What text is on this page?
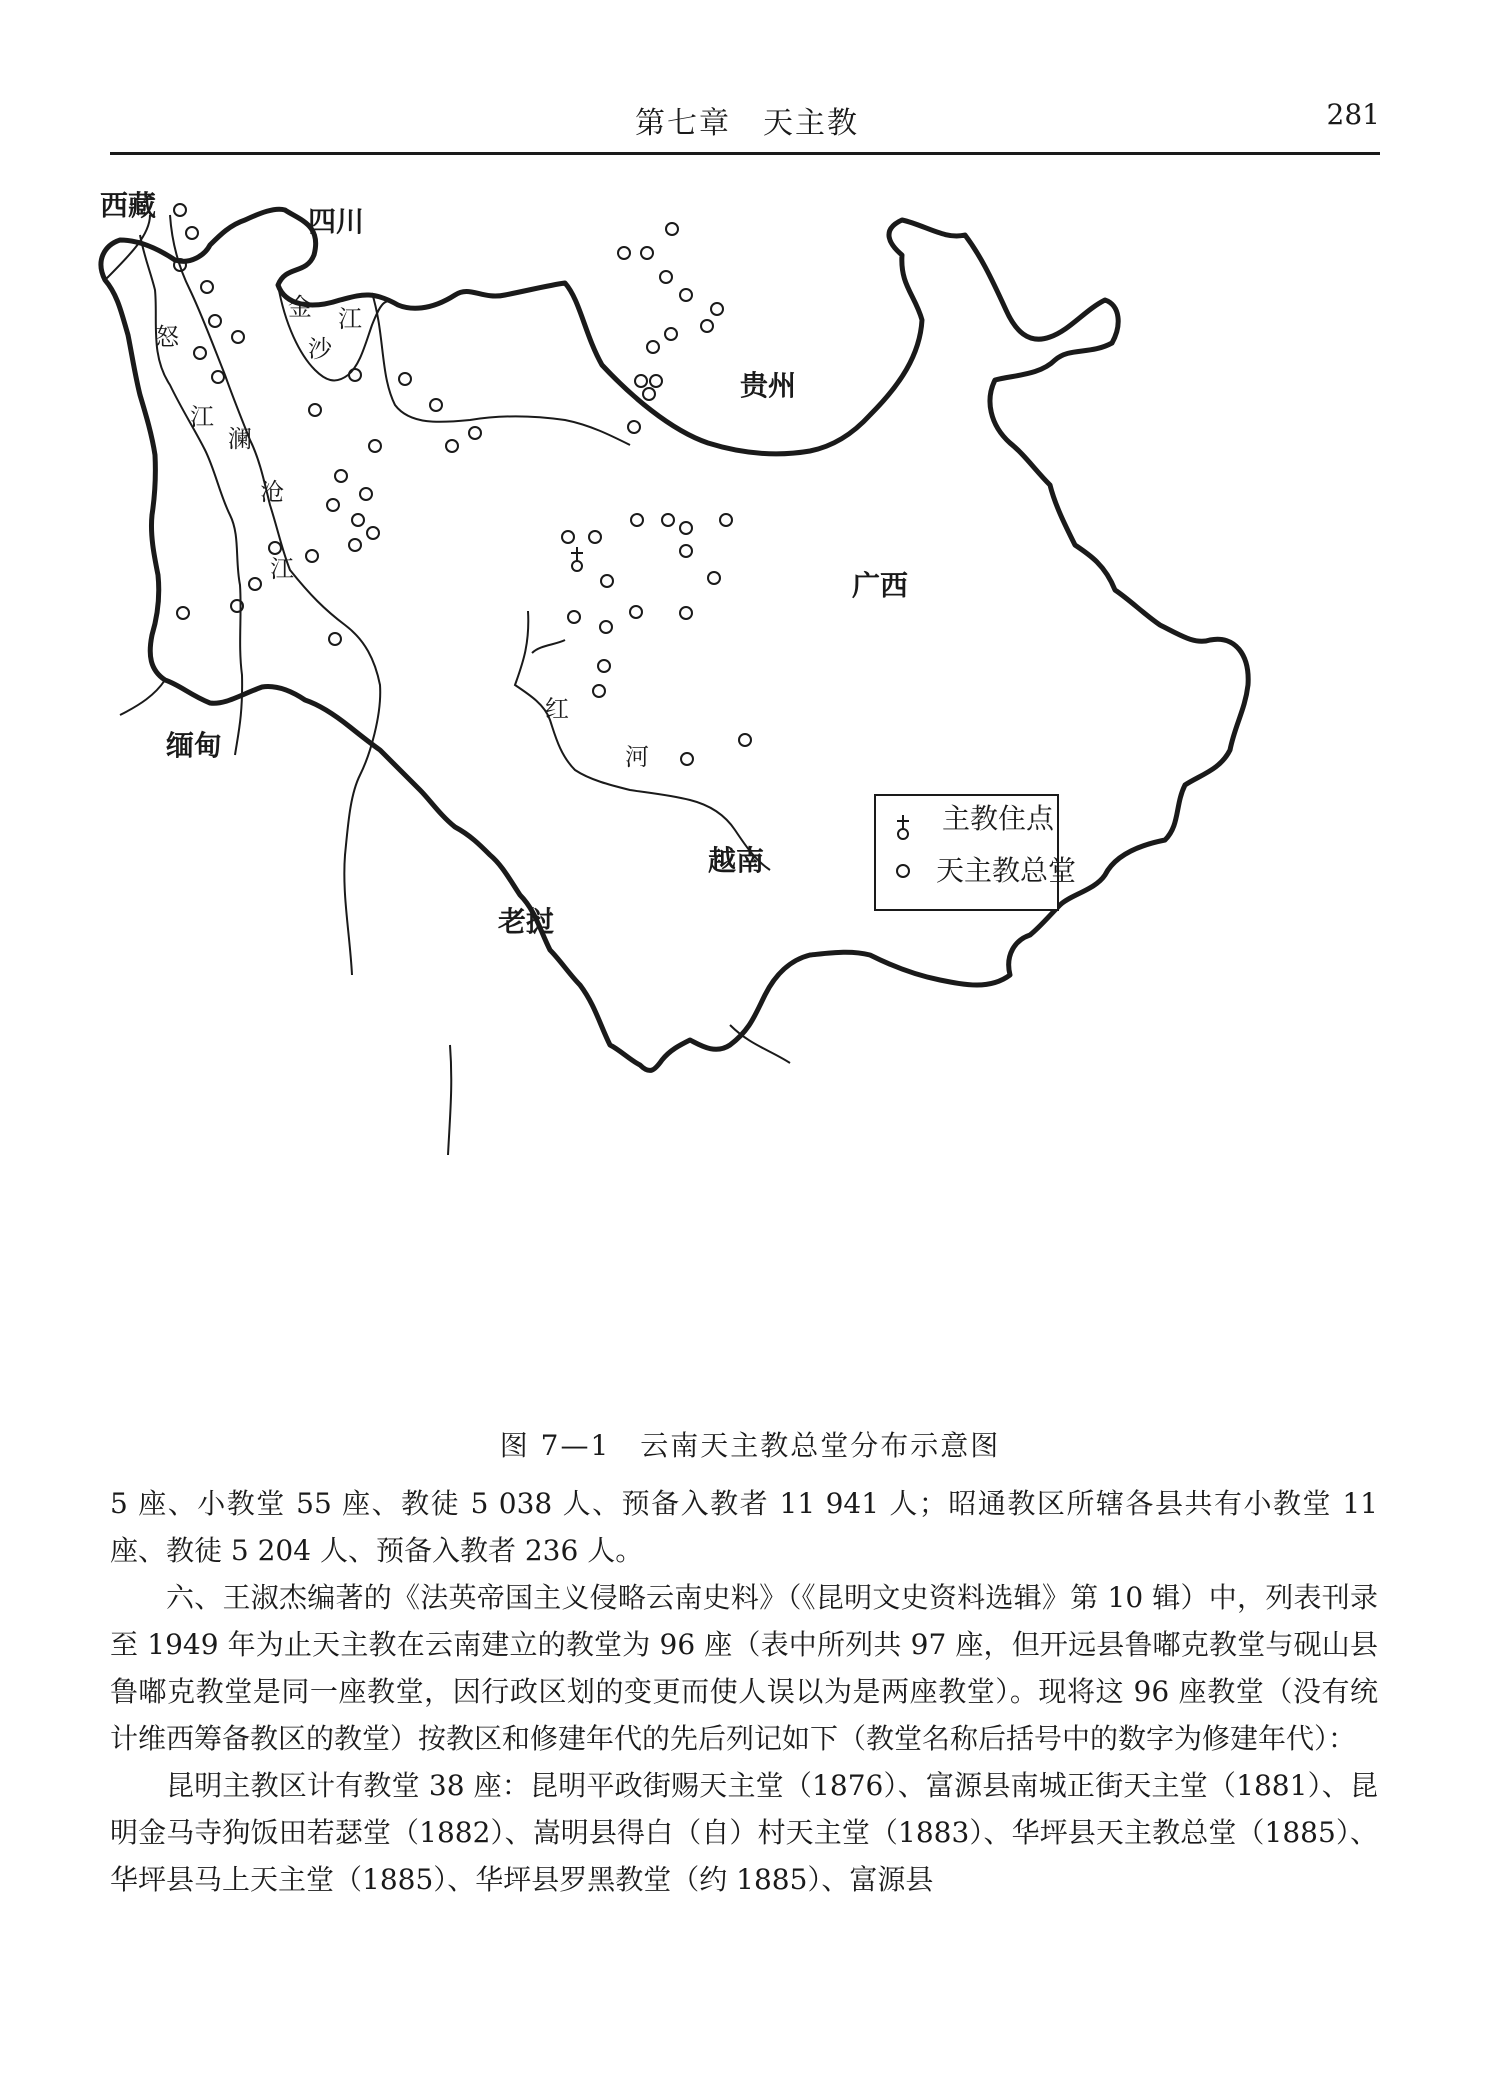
第七章　天主教	281
西藏	四川
贵州
广西
缅甸
越南
老挝
金 江
沙
怒
江
澜
沧
江
红
河
主教住点
天主教总堂
图 7—1　云南天主教总堂分布示意图

5 座、小教堂 55 座、教徒 5 038 人、预备入教者 11 941 人；昭通教区所辖各县共有小教堂 11 座、教徒 5 204 人、预备入教者 236 人。

六、王淑杰编著的《法英帝国主义侵略云南史料》（《昆明文史资料选辑》第 10 辑）中，列表刊录至 1949 年为止天主教在云南建立的教堂为 96 座（表中所列共 97 座，但开远县鲁嘟克教堂与砚山县鲁嘟克教堂是同一座教堂，因行政区划的变更而使人误以为是两座教堂）。现将这 96 座教堂（没有统计维西筹备教区的教堂）按教区和修建年代的先后列记如下（教堂名称后括号中的数字为修建年代）：

昆明主教区计有教堂 38 座：昆明平政街赐天主堂（1876）、富源县南城正街天主堂（1881）、昆明金马寺狗饭田若瑟堂（1882）、嵩明县得白（自）村天主堂（1883）、华坪县天主教总堂（1885）、华坪县马上天主堂（1885）、华坪县罗黑教堂（约 1885）、富源县
